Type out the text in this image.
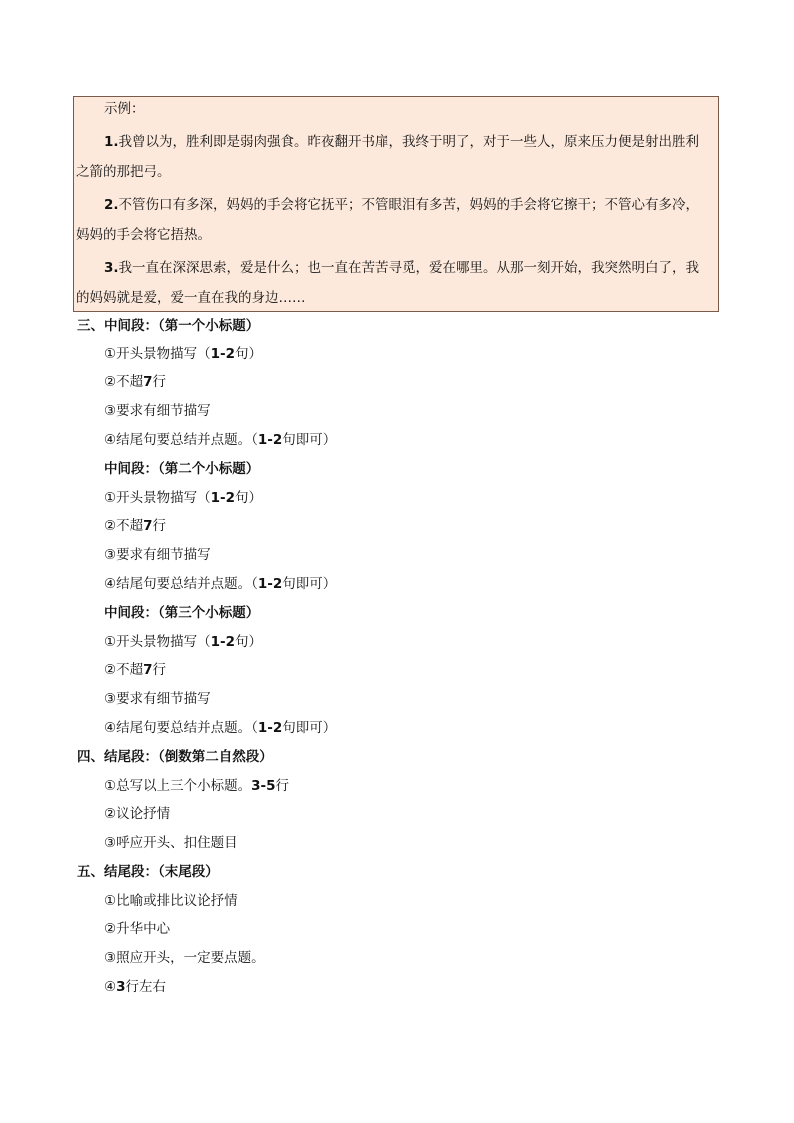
示例：
1.我曾以为，胜利即是弱肉强食。昨夜翻开书扉，我终于明了，对于一些人，原来压力便是射出胜利
之箭的那把弓。
2.不管伤口有多深，妈妈的手会将它抚平；不管眼泪有多苦，妈妈的手会将它擦干；不管心有多冷，
妈妈的手会将它捂热。
3.我一直在深深思索，爱是什么；也一直在苦苦寻觅，爱在哪里。从那一刻开始，我突然明白了，我
的妈妈就是爱，爱一直在我的身边……
三、中间段：（第一个小标题）
①开头景物描写（1-2句）
②不超7行
③要求有细节描写
④结尾句要总结并点题。（1-2句即可）
中间段：（第二个小标题）
①开头景物描写（1-2句）
②不超7行
③要求有细节描写
④结尾句要总结并点题。（1-2句即可）
中间段：（第三个小标题）
①开头景物描写（1-2句）
②不超7行
③要求有细节描写
④结尾句要总结并点题。（1-2句即可）
四、结尾段：（倒数第二自然段）
①总写以上三个小标题。3-5行
②议论抒情
③呼应开头、扣住题目
五、结尾段：（末尾段）
①比喻或排比议论抒情
②升华中心
③照应开头，一定要点题。
④3行左右
